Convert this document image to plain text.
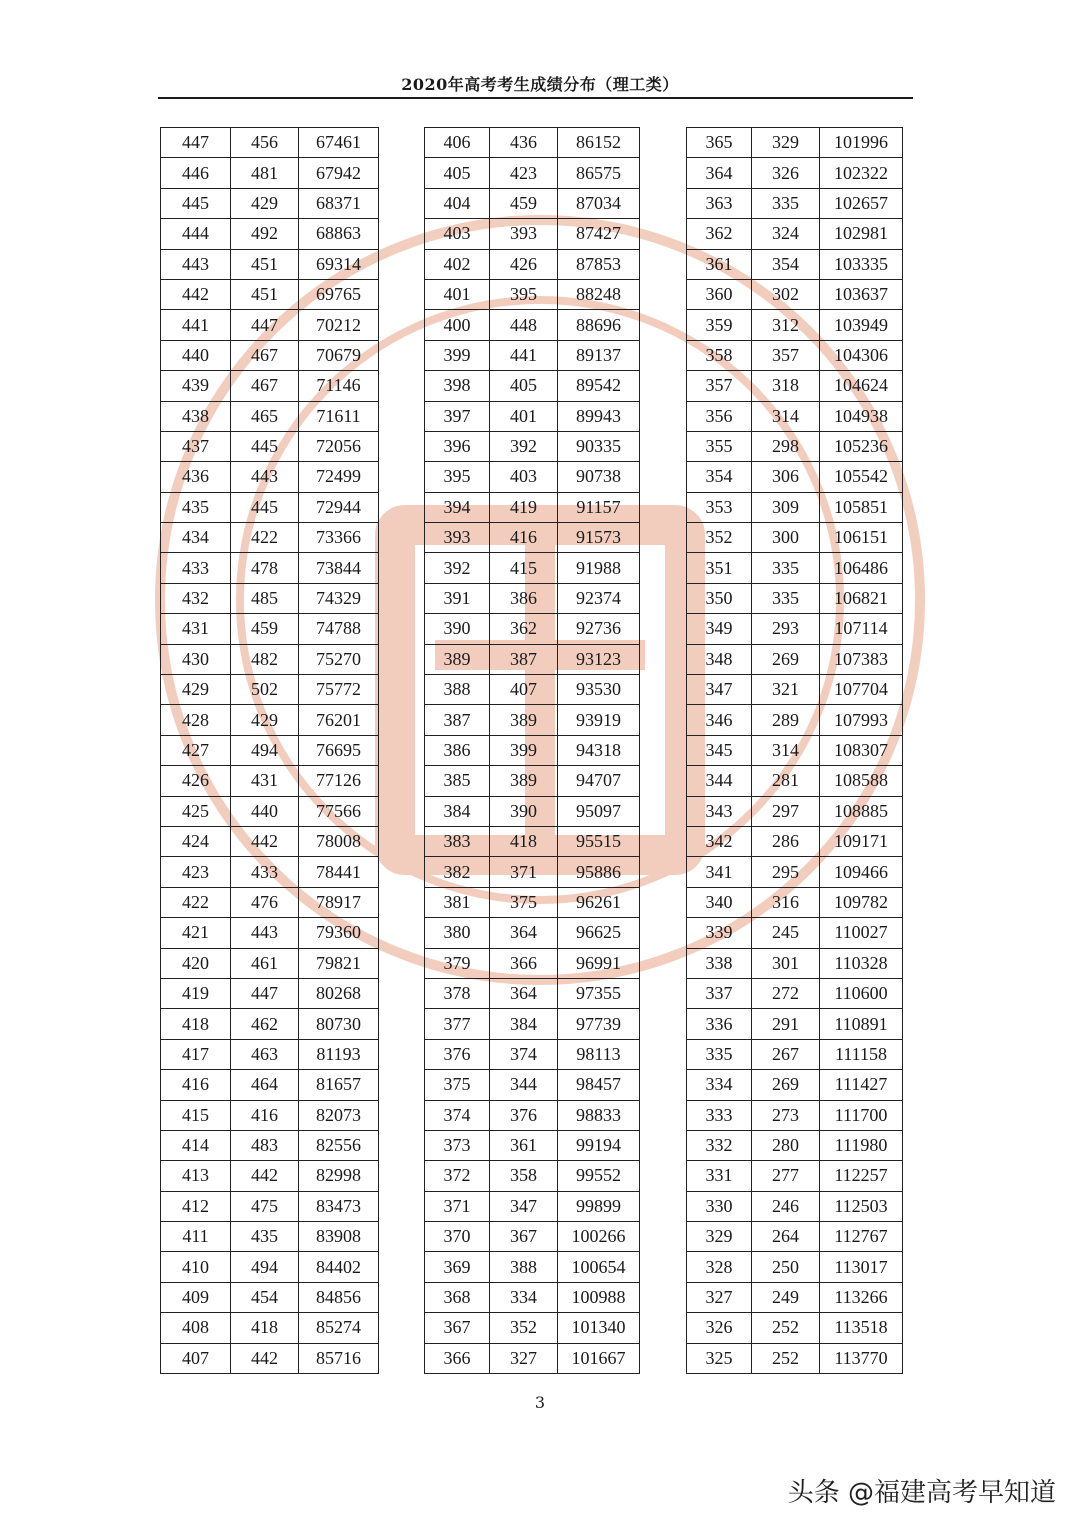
2020年高考考生成绩分布（理工类）
447	456	67461
446	481	67942
445	429	68371
444	492	68863
443	451	69314
442	451	69765
441	447	70212
440	467	70679
439	467	71146
438	465	71611
437	445	72056
436	443	72499
435	445	72944
434	422	73366
433	478	73844
432	485	74329
431	459	74788
430	482	75270
429	502	75772
428	429	76201
427	494	76695
426	431	77126
425	440	77566
424	442	78008
423	433	78441
422	476	78917
421	443	79360
420	461	79821
419	447	80268
418	462	80730
417	463	81193
416	464	81657
415	416	82073
414	483	82556
413	442	82998
412	475	83473
411	435	83908
410	494	84402
409	454	84856
408	418	85274
407	442	85716
406	436	86152
405	423	86575
404	459	87034
403	393	87427
402	426	87853
401	395	88248
400	448	88696
399	441	89137
398	405	89542
397	401	89943
396	392	90335
395	403	90738
394	419	91157
393	416	91573
392	415	91988
391	386	92374
390	362	92736
389	387	93123
388	407	93530
387	389	93919
386	399	94318
385	389	94707
384	390	95097
383	418	95515
382	371	95886
381	375	96261
380	364	96625
379	366	96991
378	364	97355
377	384	97739
376	374	98113
375	344	98457
374	376	98833
373	361	99194
372	358	99552
371	347	99899
370	367	100266
369	388	100654
368	334	100988
367	352	101340
366	327	101667
365	329	101996
364	326	102322
363	335	102657
362	324	102981
361	354	103335
360	302	103637
359	312	103949
358	357	104306
357	318	104624
356	314	104938
355	298	105236
354	306	105542
353	309	105851
352	300	106151
351	335	106486
350	335	106821
349	293	107114
348	269	107383
347	321	107704
346	289	107993
345	314	108307
344	281	108588
343	297	108885
342	286	109171
341	295	109466
340	316	109782
339	245	110027
338	301	110328
337	272	110600
336	291	110891
335	267	111158
334	269	111427
333	273	111700
332	280	111980
331	277	112257
330	246	112503
329	264	112767
328	250	113017
327	249	113266
326	252	113518
325	252	113770
3
头条 @福建高考早知道
